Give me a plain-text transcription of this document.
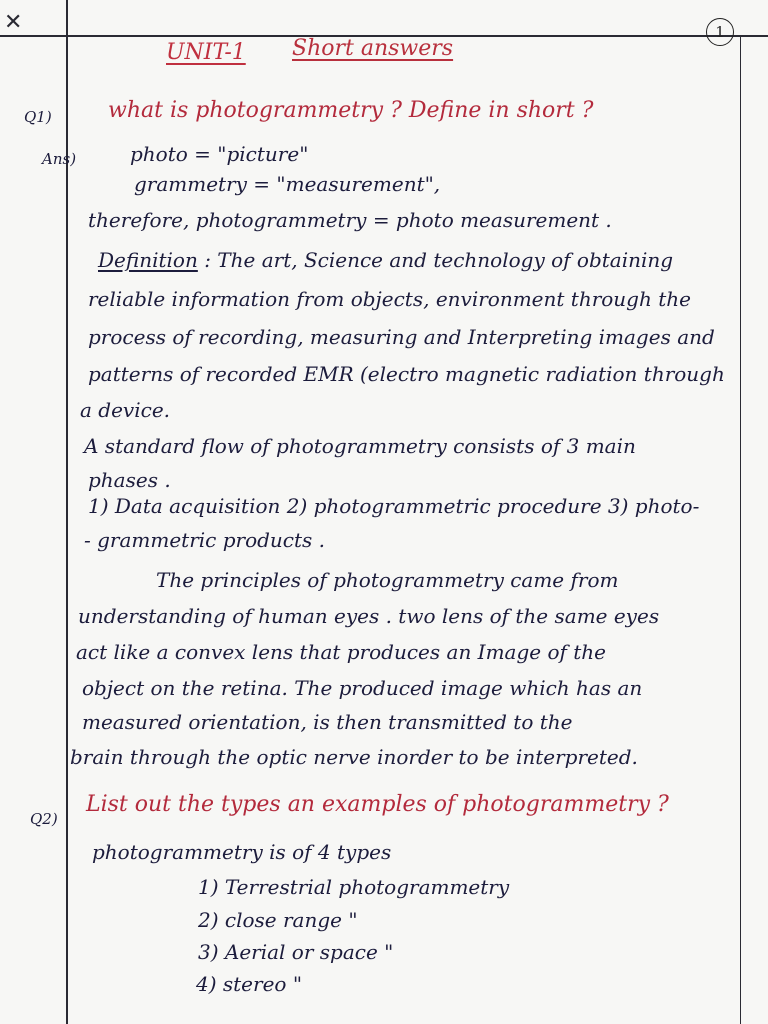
✕	1
UNIT-1 Short answers
Q1)	what is photogrammetry ? Define in short ?
Ans)	photo = "picture"
grammetry = "measurement",
therefore, photogrammetry = photo measurement .
Definition : The art, Science and technology of obtaining
reliable information from objects, environment through the
process of recording, measuring and Interpreting images and
patterns of recorded EMR (electro magnetic radiation through
a device.
A standard flow of photogrammetry consists of 3 main
phases .
1) Data acquisition 2) photogrammetric procedure 3) photo-
- grammetric products .
The principles of photogrammetry came from
understanding of human eyes . two lens of the same eyes
act like a convex lens that produces an Image of the
object on the retina. The produced image which has an
measured orientation, is then transmitted to the
brain through the optic nerve inorder to be interpreted.
Q2)
List out the types an examples of photogrammetry ?
photogrammetry is of 4 types
1) Terrestrial photogrammetry
2) close range "
3) Aerial or space "
4) stereo "
